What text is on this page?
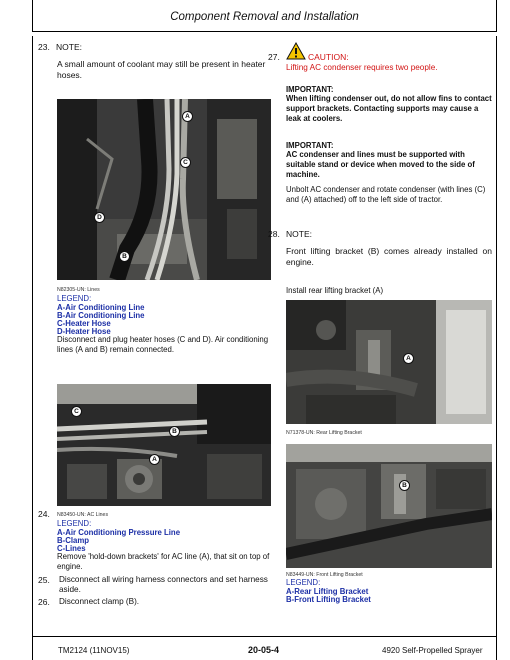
Component Removal and Installation
23. NOTE:
A small amount of coolant may still be present in heater hoses.
A
C
D
B
N82305-UN: Lines
LEGEND:
A-Air Conditioning Line
B-Air Conditioning Line
C-Heater Hose
D-Heater Hose
Disconnect and plug heater hoses (C and D). Air conditioning lines (A and B) remain connected.
C
B
A
24. N83450-UN: AC Lines
LEGEND:
A-Air Conditioning Pressure Line
B-Clamp
C-Lines
Remove 'hold-down brackets' for AC line (A), that sit on top of engine.
25. Disconnect all wiring harness connectors and set harness aside.
26. Disconnect clamp (B).
27.	CAUTION:
Lifting AC condenser requires two people.
IMPORTANT:
When lifting condenser out, do not allow fins to contact support brackets. Contacting supports may cause a leak at coolers.
IMPORTANT:
AC condenser and lines must be supported with suitable stand or device when moved to the side of machine.
Unbolt AC condenser and rotate condenser (with lines (C) and (A) attached) off to the left side of tractor.
28. NOTE:
Front lifting bracket (B) comes already installed on engine.
Install rear lifting bracket (A)
A
N71378-UN: Rear Lifting Bracket
B
N83449-UN: Front Lifting Bracket
LEGEND:
A-Rear Lifting Bracket
B-Front Lifting Bracket
TM2124 (11NOV15)	20-05-4	4920 Self-Propelled Sprayer
